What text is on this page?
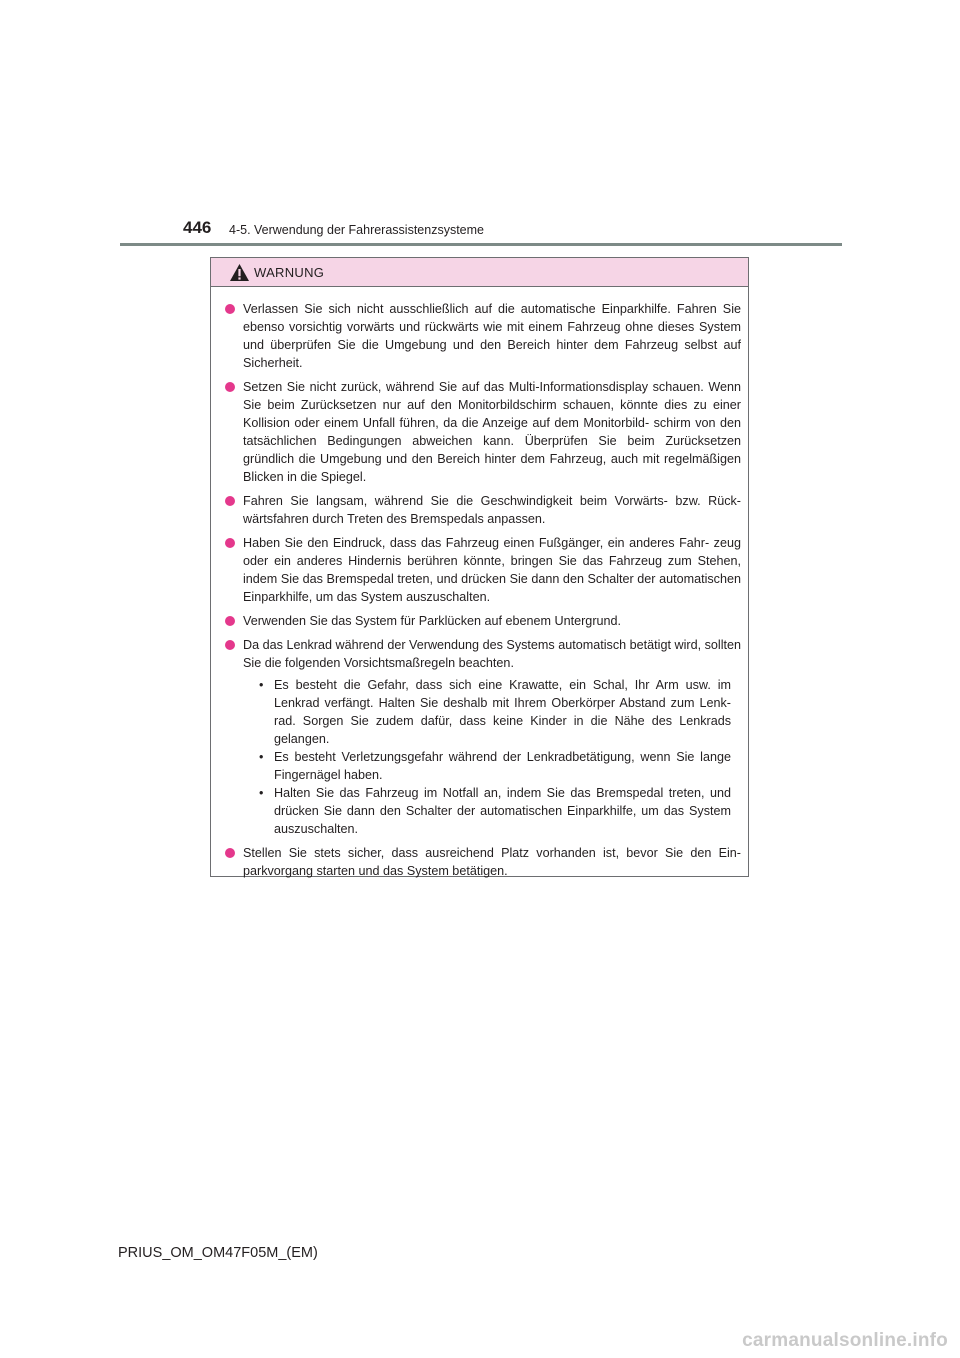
446 4-5. Verwendung der Fahrerassistenzsysteme
WARNUNG
Verlassen Sie sich nicht ausschließlich auf die automatische Einparkhilfe. Fahren Sie ebenso vorsichtig vorwärts und rückwärts wie mit einem Fahrzeug ohne dieses System und überprüfen Sie die Umgebung und den Bereich hinter dem Fahrzeug selbst auf Sicherheit.
Setzen Sie nicht zurück, während Sie auf das Multi-Informationsdisplay schauen. Wenn Sie beim Zurücksetzen nur auf den Monitorbildschirm schauen, könnte dies zu einer Kollision oder einem Unfall führen, da die Anzeige auf dem Monitorbild- schirm von den tatsächlichen Bedingungen abweichen kann. Überprüfen Sie beim Zurücksetzen gründlich die Umgebung und den Bereich hinter dem Fahrzeug, auch mit regelmäßigen Blicken in die Spiegel.
Fahren Sie langsam, während Sie die Geschwindigkeit beim Vorwärts- bzw. Rück- wärtsfahren durch Treten des Bremspedals anpassen.
Haben Sie den Eindruck, dass das Fahrzeug einen Fußgänger, ein anderes Fahr- zeug oder ein anderes Hindernis berühren könnte, bringen Sie das Fahrzeug zum Stehen, indem Sie das Bremspedal treten, und drücken Sie dann den Schalter der automatischen Einparkhilfe, um das System auszuschalten.
Verwenden Sie das System für Parklücken auf ebenem Untergrund.
Da das Lenkrad während der Verwendung des Systems automatisch betätigt wird, sollten Sie die folgenden Vorsichtsmaßregeln beachten.
• Es besteht die Gefahr, dass sich eine Krawatte, ein Schal, Ihr Arm usw. im Lenkrad verfängt. Halten Sie deshalb mit Ihrem Oberkörper Abstand zum Lenk- rad. Sorgen Sie zudem dafür, dass keine Kinder in die Nähe des Lenkrads gelangen.
• Es besteht Verletzungsgefahr während der Lenkradbetätigung, wenn Sie lange Fingernägel haben.
• Halten Sie das Fahrzeug im Notfall an, indem Sie das Bremspedal treten, und drücken Sie dann den Schalter der automatischen Einparkhilfe, um das System auszuschalten.
Stellen Sie stets sicher, dass ausreichend Platz vorhanden ist, bevor Sie den Ein- parkvorgang starten und das System betätigen.
PRIUS_OM_OM47F05M_(EM)
carmanualsonline.info
